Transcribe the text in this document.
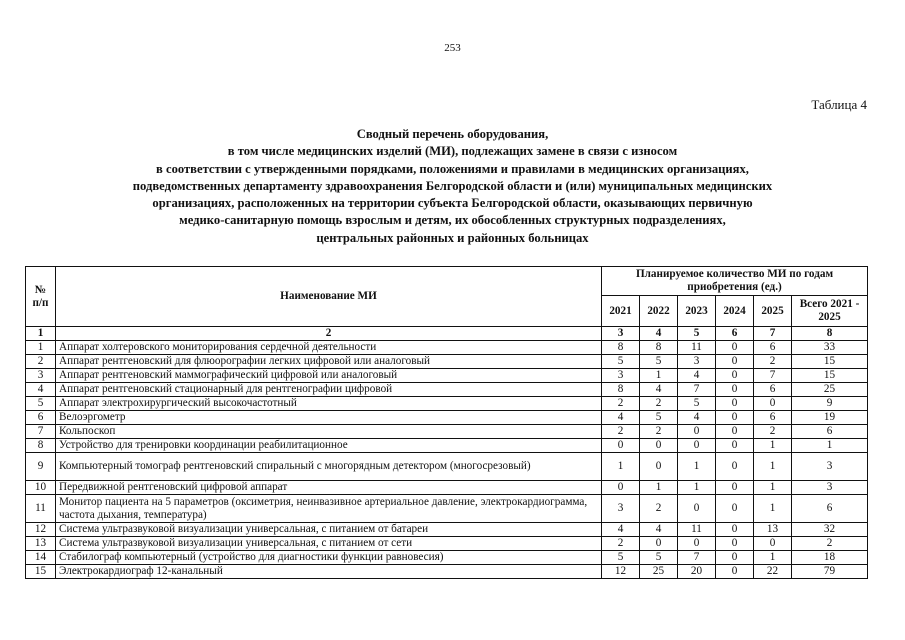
253
Таблица 4
Сводный перечень оборудования,
в том числе медицинских изделий (МИ), подлежащих замене в связи с износом
в соответствии с утвержденными порядками, положениями и правилами в медицинских организациях,
подведомственных департаменту здравоохранения Белгородской области и (или) муниципальных медицинских
организациях, расположенных на территории субъекта Белгородской области, оказывающих первичную
медико-санитарную помощь взрослым и детям, их обособленных структурных подразделениях,
центральных районных и районных больницах
№ п/п	Наименование МИ	Планируемое количество МИ по годам приобретения (ед.)					
		2021	2022	2023	2024	2025	Всего 2021 - 2025
1	2	3	4	5	6	7	8
1	Аппарат холтеровского мониторирования сердечной деятельности	8	8	11	0	6	33
2	Аппарат рентгеновский для флюорографии легких цифровой или аналоговый	5	5	3	0	2	15
3	Аппарат рентгеновский маммографический цифровой или аналоговый	3	1	4	0	7	15
4	Аппарат рентгеновский стационарный для рентгенографии цифровой	8	4	7	0	6	25
5	Аппарат электрохирургический высокочастотный	2	2	5	0	0	9
6	Велоэргометр	4	5	4	0	6	19
7	Кольпоскоп	2	2	0	0	2	6
8	Устройство для тренировки координации реабилитационное	0	0	0	0	1	1
9	Компьютерный томограф рентгеновский спиральный с многорядным детектором (многосрезовый)	1	0	1	0	1	3
10	Передвижной рентгеновский цифровой аппарат	0	1	1	0	1	3
11	Монитор пациента на 5 параметров (оксиметрия, неинвазивное артериальное давление, электрокардиограмма, частота дыхания, температура)	3	2	0	0	1	6
12	Система ультразвуковой визуализации универсальная, с питанием от батареи	4	4	11	0	13	32
13	Система ультразвуковой визуализации универсальная, с питанием от сети	2	0	0	0	0	2
14	Стабилограф компьютерный (устройство для диагностики функции равновесия)	5	5	7	0	1	18
15	Электрокардиограф 12-канальный	12	25	20	0	22	79
